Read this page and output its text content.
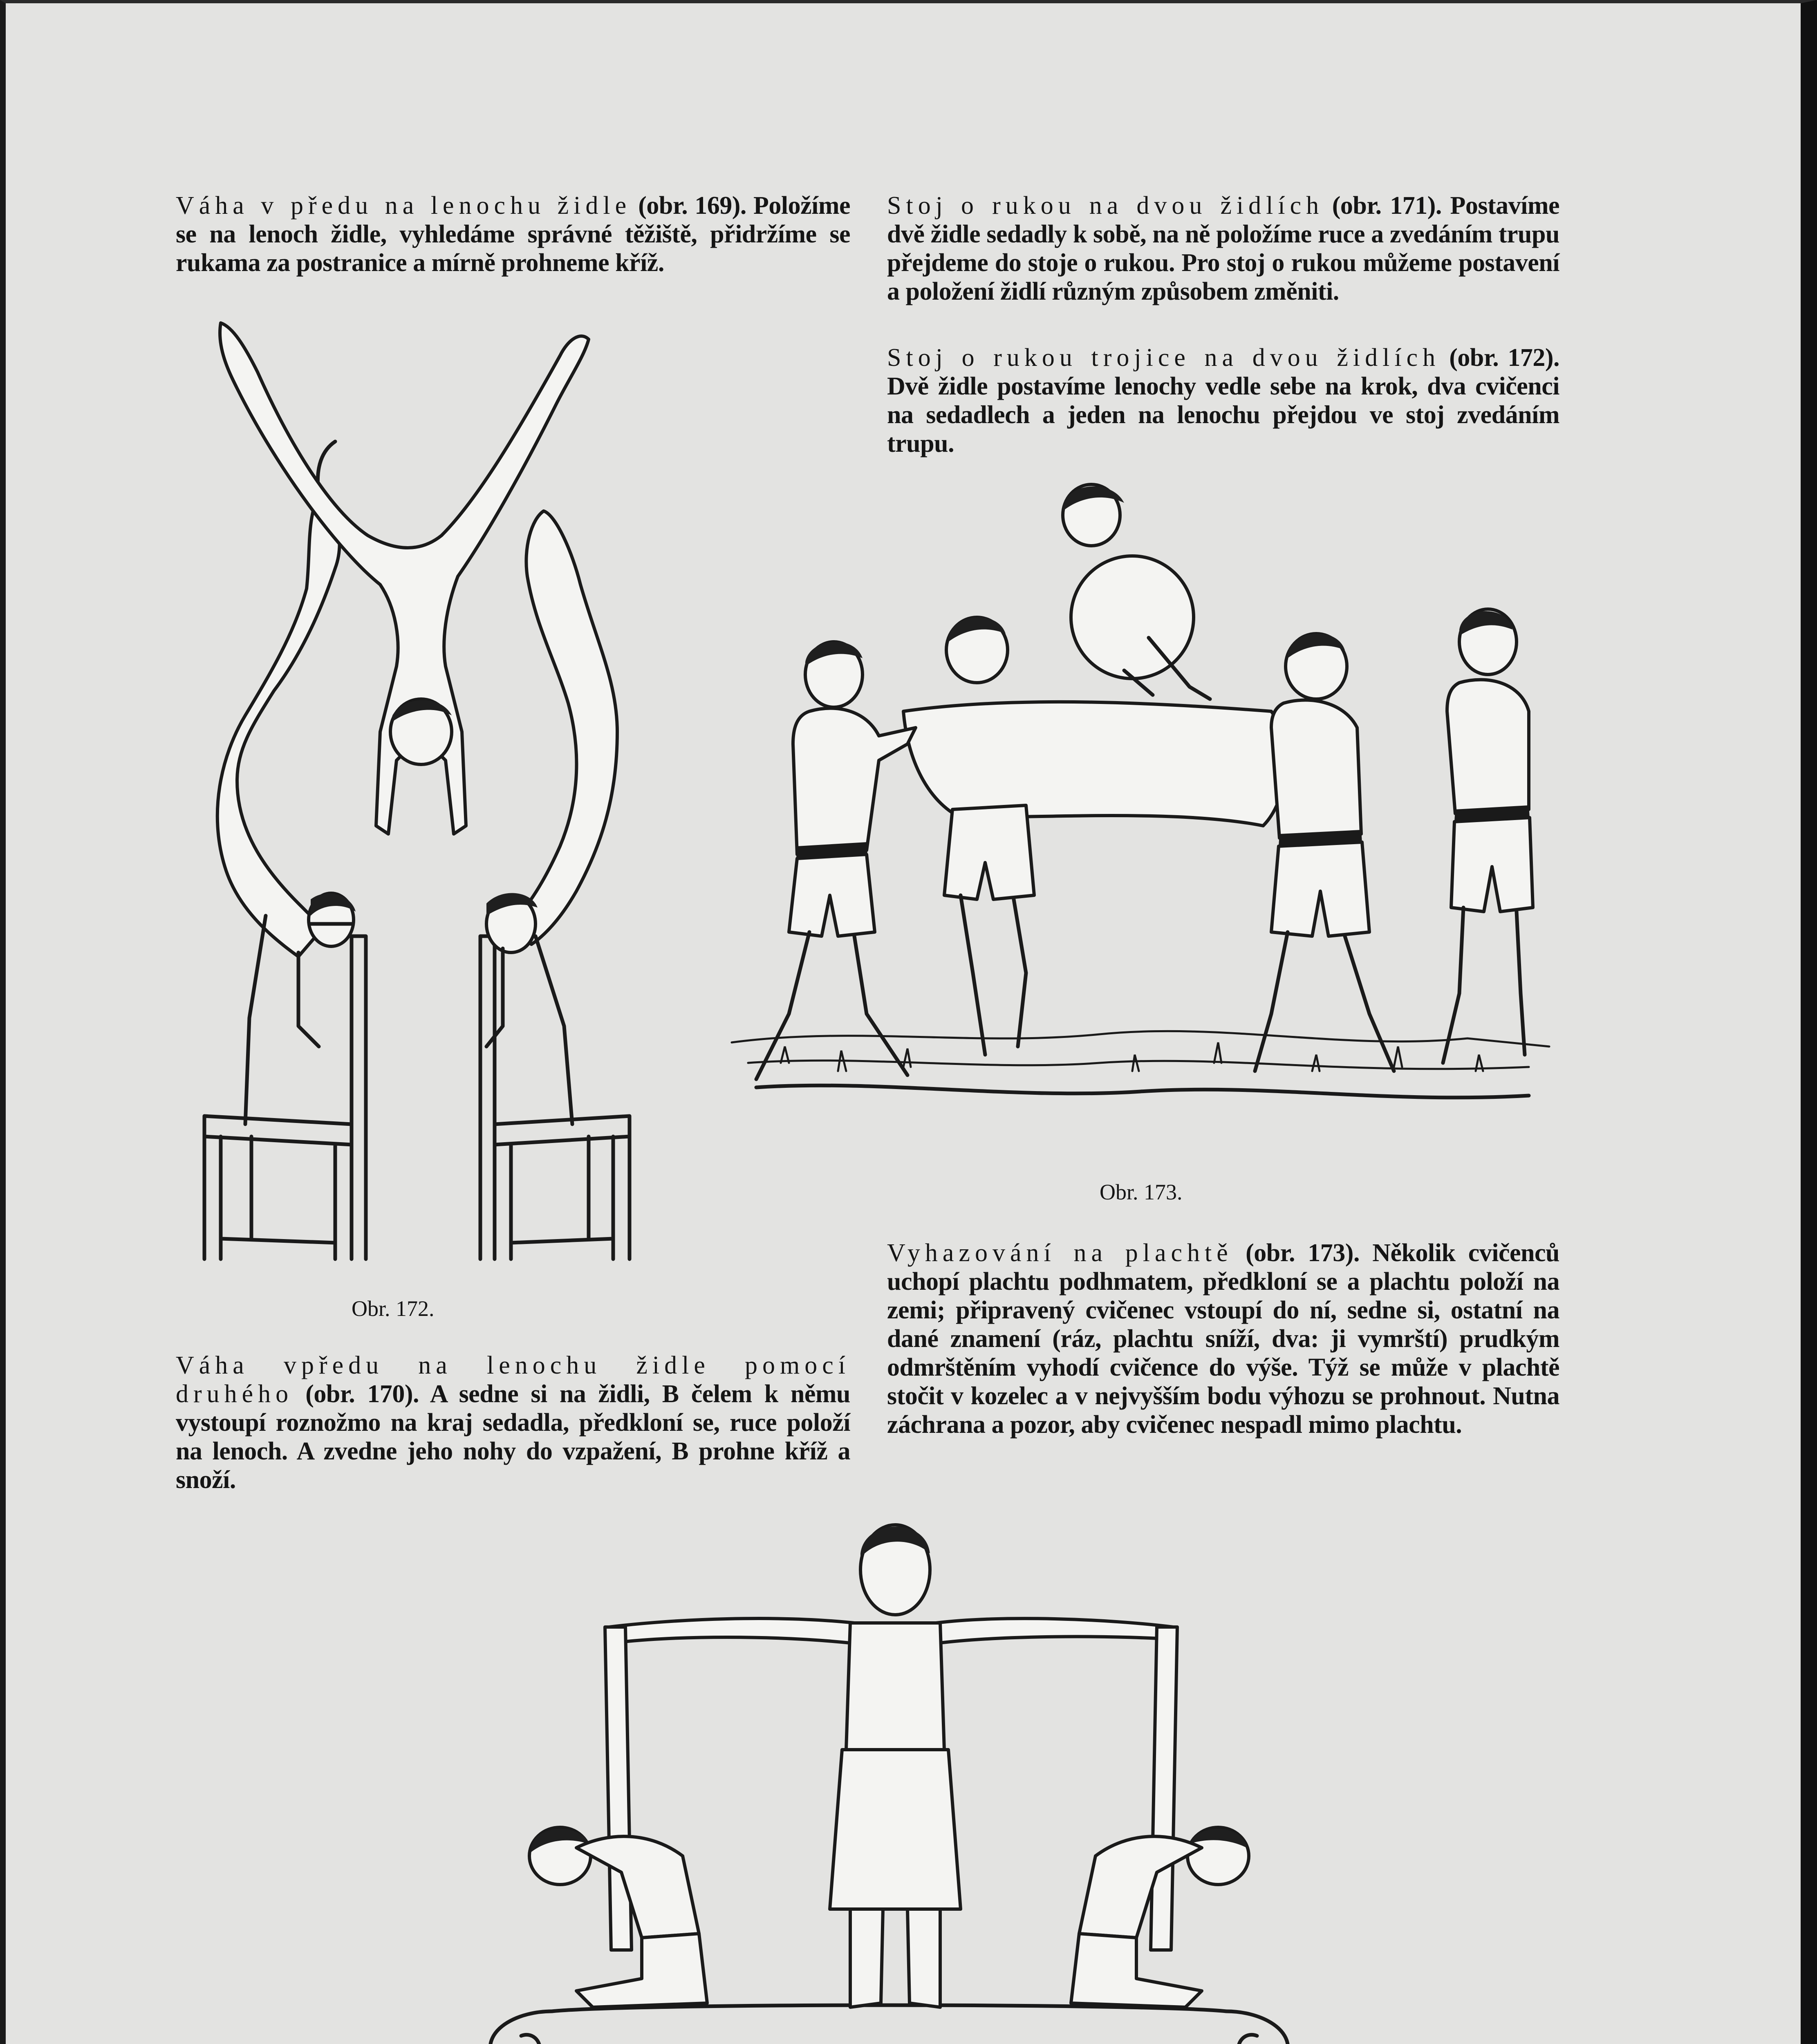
Váha v předu na lenochu židle (obr. 169). Položíme se na lenoch židle, vyhledáme správné těžiště, přidržíme se rukama za postranice a mírně prohneme kříž.
Stoj o rukou na dvou židlích (obr. 171). Postavíme dvě židle sedadly k sobě, na ně položíme ruce a zvedáním trupu přejdeme do stoje o rukou. Pro stoj o rukou můžeme postavení a položení židlí různým způsobem změniti.
Stoj o rukou trojice na dvou židlích (obr. 172). Dvě židle postavíme lenochy vedle sebe na krok, dva cvičenci na sedadlech a jeden na lenochu přejdou ve stoj zvedáním trupu.
Obr. 172.
Obr. 173.
Vyhazování na plachtě (obr. 173). Několik cvičenců uchopí plachtu podhmatem, předkloní se a plachtu položí na zemi; připravený cvičenec vstoupí do ní, sedne si, ostatní na dané znamení (ráz, plachtu sníží, dva: ji vymrští) prudkým odmrštěním vyhodí cvičence do výše. Týž se může v plachtě stočit v kozelec a v nejvyšším bodu výhozu se prohnout. Nutna záchrana a pozor, aby cvičenec nespadl mimo plachtu.
Váha vpředu na lenochu židle pomocí druhého (obr. 170). A sedne si na židli, B čelem k němu vystoupí roznožmo na kraj sedadla, předkloní se, ruce položí na lenoch. A zvedne jeho nohy do vzpažení, B prohne kříž a snoží.
